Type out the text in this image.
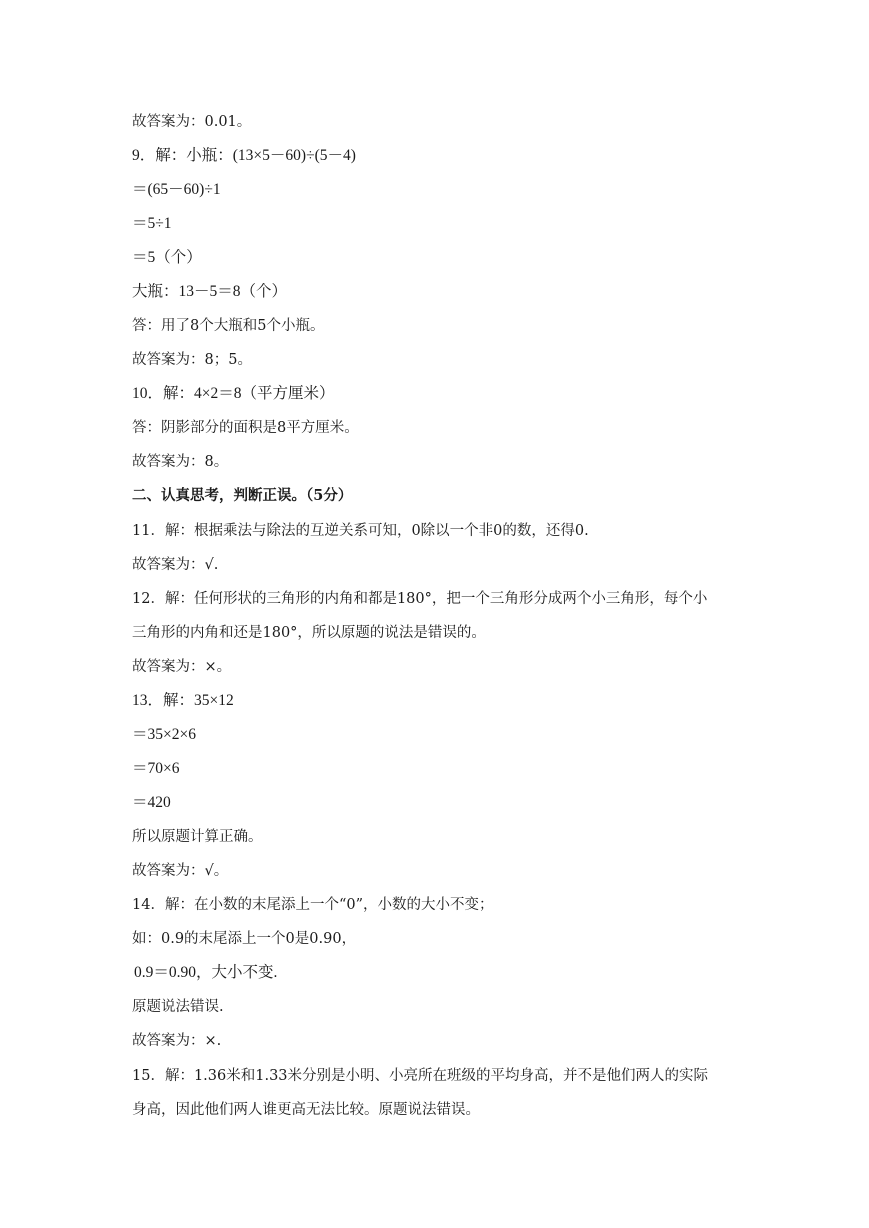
故答案为：0.01。
9．解：小瓶：(13×5－60)÷(5－4)
＝(65－60)÷1
＝5÷1
＝5（个）
大瓶：13－5＝8（个）
答：用了8个大瓶和5个小瓶。
故答案为：8；5。
10．解：4×2＝8（平方厘米）
答：阴影部分的面积是8平方厘米。
故答案为：8。
二、认真思考，判断正误。（5分）
11．解：根据乘法与除法的互逆关系可知，0除以一个非0的数，还得0.
故答案为：√.
12．解：任何形状的三角形的内角和都是180°，把一个三角形分成两个小三角形，每个小
三角形的内角和还是180°，所以原题的说法是错误的。
故答案为：×。
13．解：35×12
＝35×2×6
＝70×6
＝420
所以原题计算正确。
故答案为：√。
14．解：在小数的末尾添上一个“0”，小数的大小不变；
如：0.9的末尾添上一个0是0.90，
0.9＝0.90，大小不变.
原题说法错误.
故答案为：×.
15．解：1.36米和1.33米分别是小明、小亮所在班级的平均身高，并不是他们两人的实际
身高，因此他们两人谁更高无法比较。原题说法错误。
